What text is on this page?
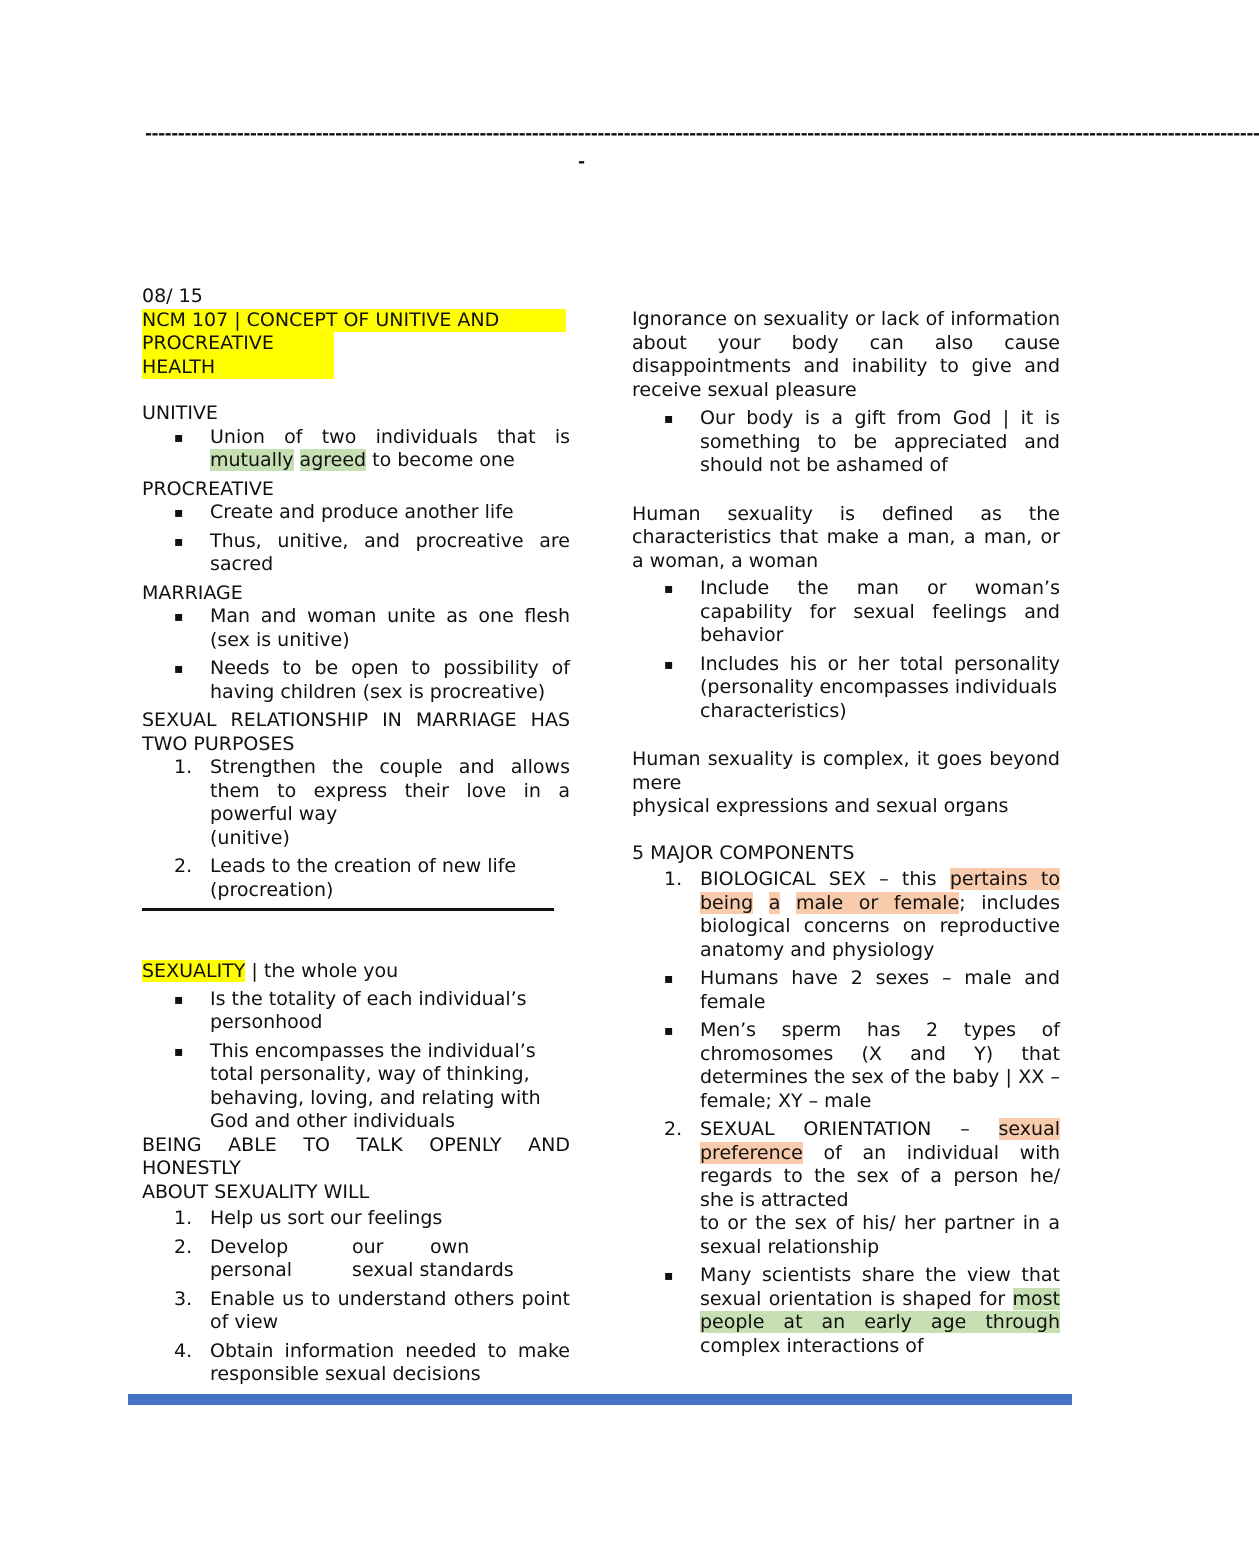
--------------------------------------------------------------------------------------------------------------------------------------------------------------------------
-

08/ 15

NCM 107 | CONCEPT OF UNITIVE AND
PROCREATIVE
HEALTH

UNITIVE

▪ Union of two individuals that is mutually agreed to become one

PROCREATIVE

▪ Create and produce another life
▪ Thus, unitive, and procreative are sacred

MARRIAGE

▪ Man and woman unite as one flesh (sex is unitive)
▪ Needs to be open to possibility of having children (sex is procreative)

SEXUAL RELATIONSHIP IN MARRIAGE HAS TWO PURPOSES

1. Strengthen the couple and allows them to express their love in a powerful way
(unitive)
2. Leads to the creation of new life
(procreation)

SEXUALITY | the whole you

▪ Is the totality of each individual’s personhood
▪ This encompasses the individual’s total personality, way of thinking, behaving, loving, and relating with God and other individuals

BEING ABLE TO TALK OPENLY AND HONESTLY

ABOUT SEXUALITY WILL

1. Help us sort our feelings
2. Develop	our own
personal	sexual standards
3. Enable us to understand others point of view
4. Obtain information needed to make responsible sexual decisions

Ignorance on sexuality or lack of information about your body can also cause disappointments and inability to give and receive sexual pleasure

▪ Our body is a gift from God | it is something to be appreciated and should not be ashamed of

Human sexuality is defined as the characteristics that make a man, a man, or a woman, a woman

▪ Include the man or woman’s capability for sexual feelings and behavior
▪ Includes his or her total personality (personality encompasses individuals
characteristics)

Human sexuality is complex, it goes beyond mere

physical expressions and sexual organs

5 MAJOR COMPONENTS

1. BIOLOGICAL SEX – this pertains to being a male or female; includes biological concerns on reproductive anatomy and physiology
▪ Humans have 2 sexes – male and female
▪ Men’s sperm has 2 types of chromosomes (X and Y) that determines the sex of the baby | XX – female; XY – male
2. SEXUAL ORIENTATION – sexual preference of an individual with regards to the sex of a person he/ she is attracted
to or the sex of his/ her partner in a sexual relationship
▪ Many scientists share the view that sexual orientation is shaped for most people at an early age through complex interactions of
